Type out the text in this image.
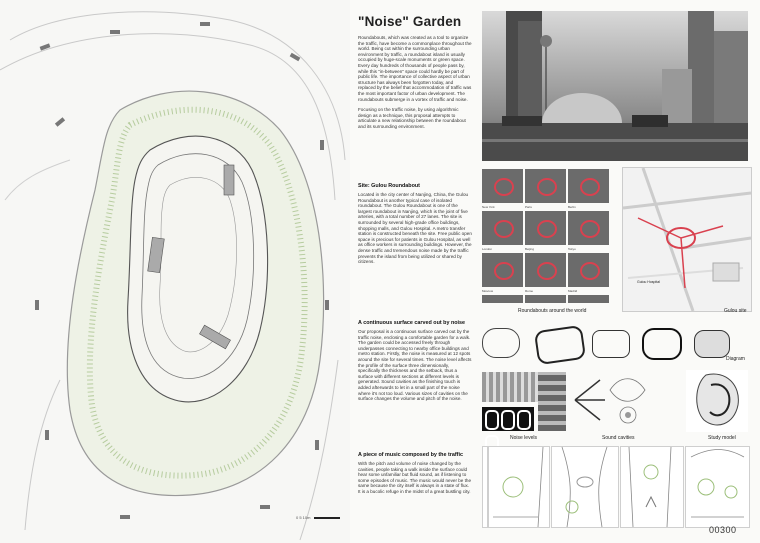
0 5 10m
"Noise" Garden

Roundabouts, which was created as a tool to organize the traffic, have become a commonplace throughout the world. Being cut within the surrounding urban environment by traffic, a roundabout island is usually occupied by huge-scale monuments or green space. Every day hundreds of thousands of people pass by, while this "in-between" space could hardly be part of public life. The importance of collective aspect of urban structure has always been forgotten today, and replaced by the belief that accommodation of traffic was the most important factor of urban development. The roundabouts submerge in a vortex of traffic and noise.

Focusing on the traffic noise, by using algorithmic design as a technique, this proposal attempts to articulate a new relationship between the roundabout and its surrounding environment.

Site: Gulou Roundabout
Located in the city center of Nanjing, China, the Gulou Roundabout is another typical case of isolated roundabout. The Gulou Roundabout is one of the largest roundabout in Nanjing, which is the joint of five arteries, with a total number of 27 lanes. The site is surrounded by several high-grade office buildings, shopping malls, and Gulou Hospital. A metro transfer station is constructed beneath the site. Free public open space is precious for patients in Gulou Hospital, as well as office workers in surrounding buildings. However, the dense traffic and tremendous noise made by the traffic prevents the island from being utilized or shared by citizens.
A continuous surface carved out by noise
Our proposal is a continuous surface carved out by the traffic noise, enclosing a comfortable garden for a walk. The garden could be accessed freely through underpasses connecting to nearby office buildings and metro station. Firstly, the noise is measured at 12 spots around the site for several times. The noise level affects the profile of the surface three dimensionally, specifically the thickness and the setback, thus a surface with different sections at different levels is generated. Sound cavities as the finishing touch is added afterwards to let in a small part of the noise where it's not too loud. Various sizes of cavities on the surface changes the volume and pitch of the noise.
A piece of music composed by the traffic
With the pitch and volume of noise changed by the cavities, people taking a walk inside the surface could hear some unfamiliar but fluid sound, as if listening to some episodes of music. The music would never be the same because the city itself is always in a state of flux. It is a bucolic refuge in the midst of a great bustling city.
New York	Paris	Berlin
London	Beijing	Tokyo
Moscow	Rome	Madrid
Roundabouts around the world
Gulou Hospital
Gulou site
Diagram
Noise levels	Sound cavities	Study model
00300
